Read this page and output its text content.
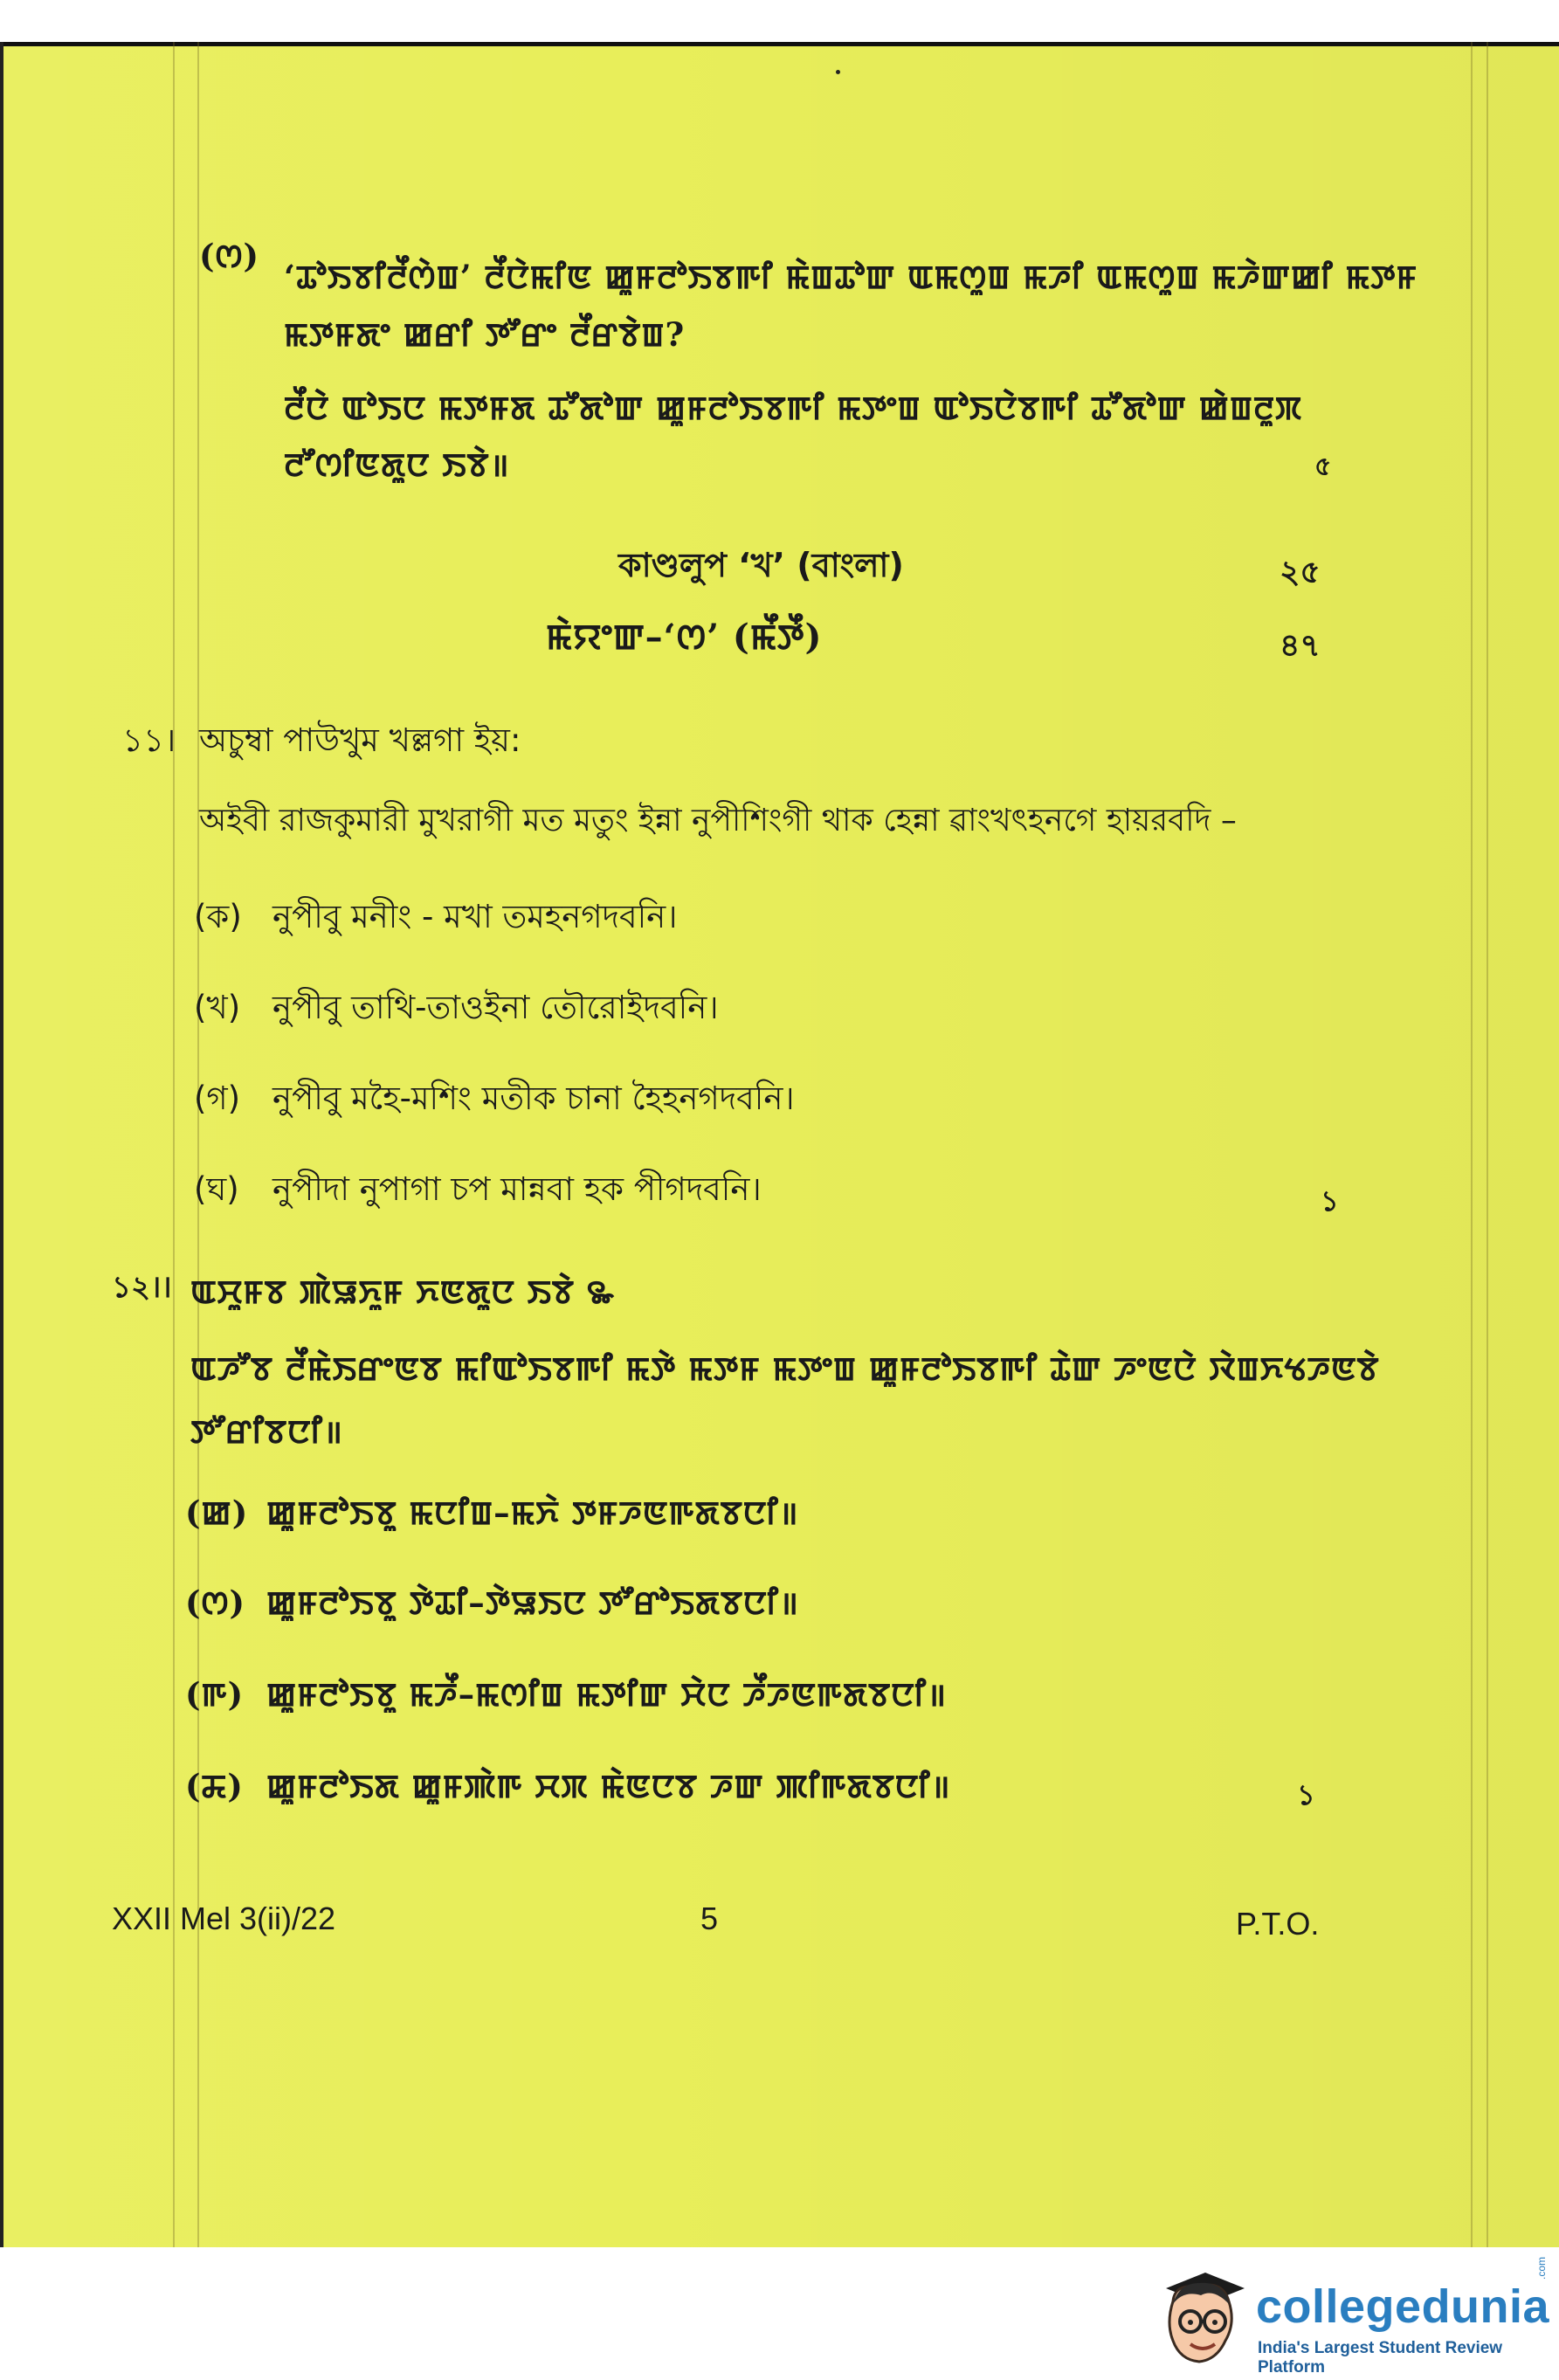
(ꯁ)
‘ꯊꯣꯏꯕꯤꯂꯩꯁꯥꯡ’ ꯂꯩꯅꯥꯃꯤꯟ ꯀꯨꯝꯂꯣꯏꯕꯒꯤ ꯃꯥꯡꯊꯣꯛ ꯑꯃꯁꯨꯡ ꯃꯍꯤ ꯑꯃꯁꯨꯡ ꯃꯍꯥꯛꯀꯤ ꯃꯇꯝ
ꯃꯇꯝꯗꯦ ꯀꯔꯤ ꯇꯧꯔꯦ ꯂꯩꯔꯕꯥꯡ?
ꯂꯩꯅꯥ ꯑꯣꯏꯅ ꯃꯇꯝꯗ ꯊꯧꯗꯣꯛ ꯀꯨꯝꯂꯣꯏꯕꯒꯤ ꯃꯇꯦꯡ ꯑꯣꯏꯅꯥꯕꯒꯤ ꯊꯧꯗꯣꯛ ꯀꯥꯡꯂꯨꯞ
ꯂꯧꯁꯤꯟꯗꯨꯅ ꯏꯕꯥ॥	৫
কাণ্ডলুপ ‘খ’ (বাংলা)	২৫
ꯃꯥꯌꯦꯛ–‘ꯁ’ (ꯃꯩꯇꯩ)	৪৭
১১। অচুম্বা পাউখুম খল্লগা ইয়:
অইবী রাজকুমারী মুখরাগী মত মতুং ইন্না নুপীশিংগী থাক হেন্না ৱাংখৎহনগে হায়রবদি –
(ক) নুপীবু মনীং - মখা তমহনগদবনি।
(খ) নুপীবু তাথি-তাওইনা তৌরোইদবনি।
(গ) নুপীবু মহৈ-মশিং মতীক চানা হৈহনগদবনি।
(ঘ) নুপীদা নুপাগা চপ মান্নবা হক পীগদবনি।	১
১২।। ꯑꯆꯨꯝꯕ ꯄꯥꯎꯈꯨꯝ ꯈꯟꯗꯨꯅ ꯏꯕꯥ ꯳
ꯑꯍꯧꯕ ꯂꯩꯃꯥꯏꯔꯦꯟꯕ ꯃꯤꯑꯣꯏꯕꯒꯤ ꯃꯇꯥ ꯃꯇꯝ ꯃꯇꯦꯡ ꯀꯨꯝꯂꯣꯏꯕꯒꯤ ꯊꯥꯛ ꯍꯦꯟꯅꯥ ꯋꯥꯡꯈꯠꯍꯟꯕꯥ
ꯇꯧꯔꯤꯕꯅꯤ॥
(ꯀ) ꯀꯨꯝꯂꯣꯏꯕꯨ ꯃꯅꯤꯡ–ꯃꯈꯥ ꯇꯝꯍꯟꯒꯗꯕꯅꯤ॥
(ꯁ) ꯀꯨꯝꯂꯣꯏꯕꯨ ꯇꯥꯊꯤ–ꯇꯥꯎꯏꯅ ꯇꯧꯔꯣꯏꯗꯕꯅꯤ॥
(ꯒ) ꯀꯨꯝꯂꯣꯏꯕꯨ ꯃꯍꯩ–ꯃꯁꯤꯡ ꯃꯇꯤꯛ ꯆꯥꯅ ꯍꯩꯍꯟꯒꯗꯕꯅꯤ॥
(ꯘ) ꯀꯨꯝꯂꯣꯏꯗ ꯀꯨꯝꯄꯥꯒ ꯆꯞ ꯃꯥꯟꯅꯕ ꯍꯛ ꯄꯤꯒꯗꯕꯅꯤ॥	১
XXII Mel 3(ii)/22	5	P.T.O.
collegedunia
.com
India's Largest Student Review Platform
